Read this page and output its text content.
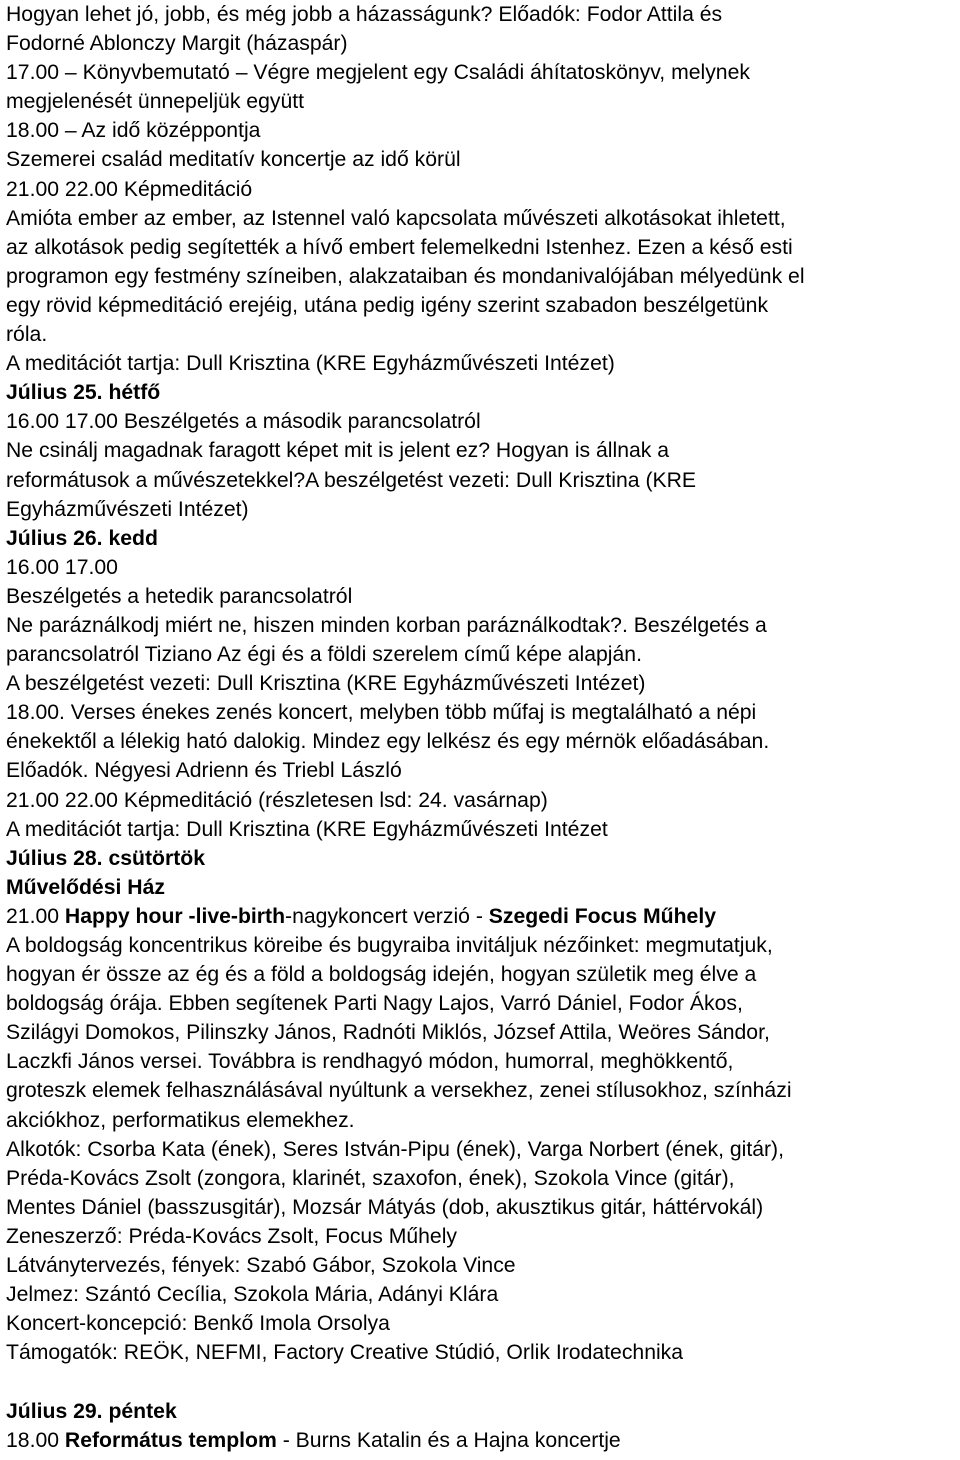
Hogyan lehet jó, jobb, és még jobb a házasságunk? Előadók: Fodor Attila és
Fodorné Ablonczy Margit (házaspár)
17.00 – Könyvbemutató – Végre megjelent egy Családi áhítatoskönyv, melynek
megjelenését ünnepeljük együtt
18.00 – Az idő középpontja
Szemerei család meditatív koncertje az idő körül
21.00 22.00 Képmeditáció
Amióta ember az ember, az Istennel való kapcsolata művészeti alkotásokat ihletett,
az alkotások pedig segítették a hívő embert felemelkedni Istenhez. Ezen a késő esti
programon egy festmény színeiben, alakzataiban és mondanivalójában mélyedünk el
egy rövid képmeditáció erejéig, utána pedig igény szerint szabadon beszélgetünk
róla.
A meditációt tartja: Dull Krisztina (KRE Egyházművészeti Intézet)
Július 25. hétfő
16.00 17.00 Beszélgetés a második parancsolatról
Ne csinálj magadnak faragott képet mit is jelent ez? Hogyan is állnak a
reformátusok a művészetekkel?A beszélgetést vezeti: Dull Krisztina (KRE
Egyházművészeti Intézet)
Július 26. kedd
16.00 17.00
Beszélgetés a hetedik parancsolatról
Ne paráználkodj miért ne, hiszen minden korban paráználkodtak?. Beszélgetés a
parancsolatról Tiziano Az égi és a földi szerelem című képe alapján.
A beszélgetést vezeti: Dull Krisztina (KRE Egyházművészeti Intézet)
18.00. Verses énekes zenés koncert, melyben több műfaj is megtalálható a népi
énekektől a lélekig ható dalokig. Mindez egy lelkész és egy mérnök előadásában.
Előadók. Négyesi Adrienn és Triebl László
21.00 22.00 Képmeditáció (részletesen lsd: 24. vasárnap)
A meditációt tartja: Dull Krisztina (KRE Egyházművészeti Intézet
Július 28. csütörtök
Művelődési Ház
21.00 Happy hour -live-birth-nagykoncert verzió - Szegedi Focus Műhely
A boldogság koncentrikus köreibe és bugyraiba invitáljuk nézőinket: megmutatjuk,
hogyan ér össze az ég és a föld a boldogság idején, hogyan születik meg élve a
boldogság órája. Ebben segítenek Parti Nagy Lajos, Varró Dániel, Fodor Ákos,
Szilágyi Domokos, Pilinszky János, Radnóti Miklós, József Attila, Weöres Sándor,
Laczkfi János versei. Továbbra is rendhagyó módon, humorral, meghökkentő,
groteszk elemek felhasználásával nyúltunk a versekhez, zenei stílusokhoz, színházi
akciókhoz, performatikus elemekhez.
Alkotók: Csorba Kata (ének), Seres István-Pipu (ének), Varga Norbert (ének, gitár),
Préda-Kovács Zsolt (zongora, klarinét, szaxofon, ének), Szokola Vince (gitár),
Mentes Dániel (basszusgitár), Mozsár Mátyás (dob, akusztikus gitár, háttérvokál)
Zeneszerző: Préda-Kovács Zsolt, Focus Műhely
Látványtervezés, fények: Szabó Gábor, Szokola Vince
Jelmez: Szántó Cecília, Szokola Mária, Adányi Klára
Koncert-koncepció: Benkő Imola Orsolya
Támogatók: REÖK, NEFMI, Factory Creative Stúdió, Orlik Irodatechnika
Július 29. péntek
18.00 Református templom - Burns Katalin és a Hajna koncertje
